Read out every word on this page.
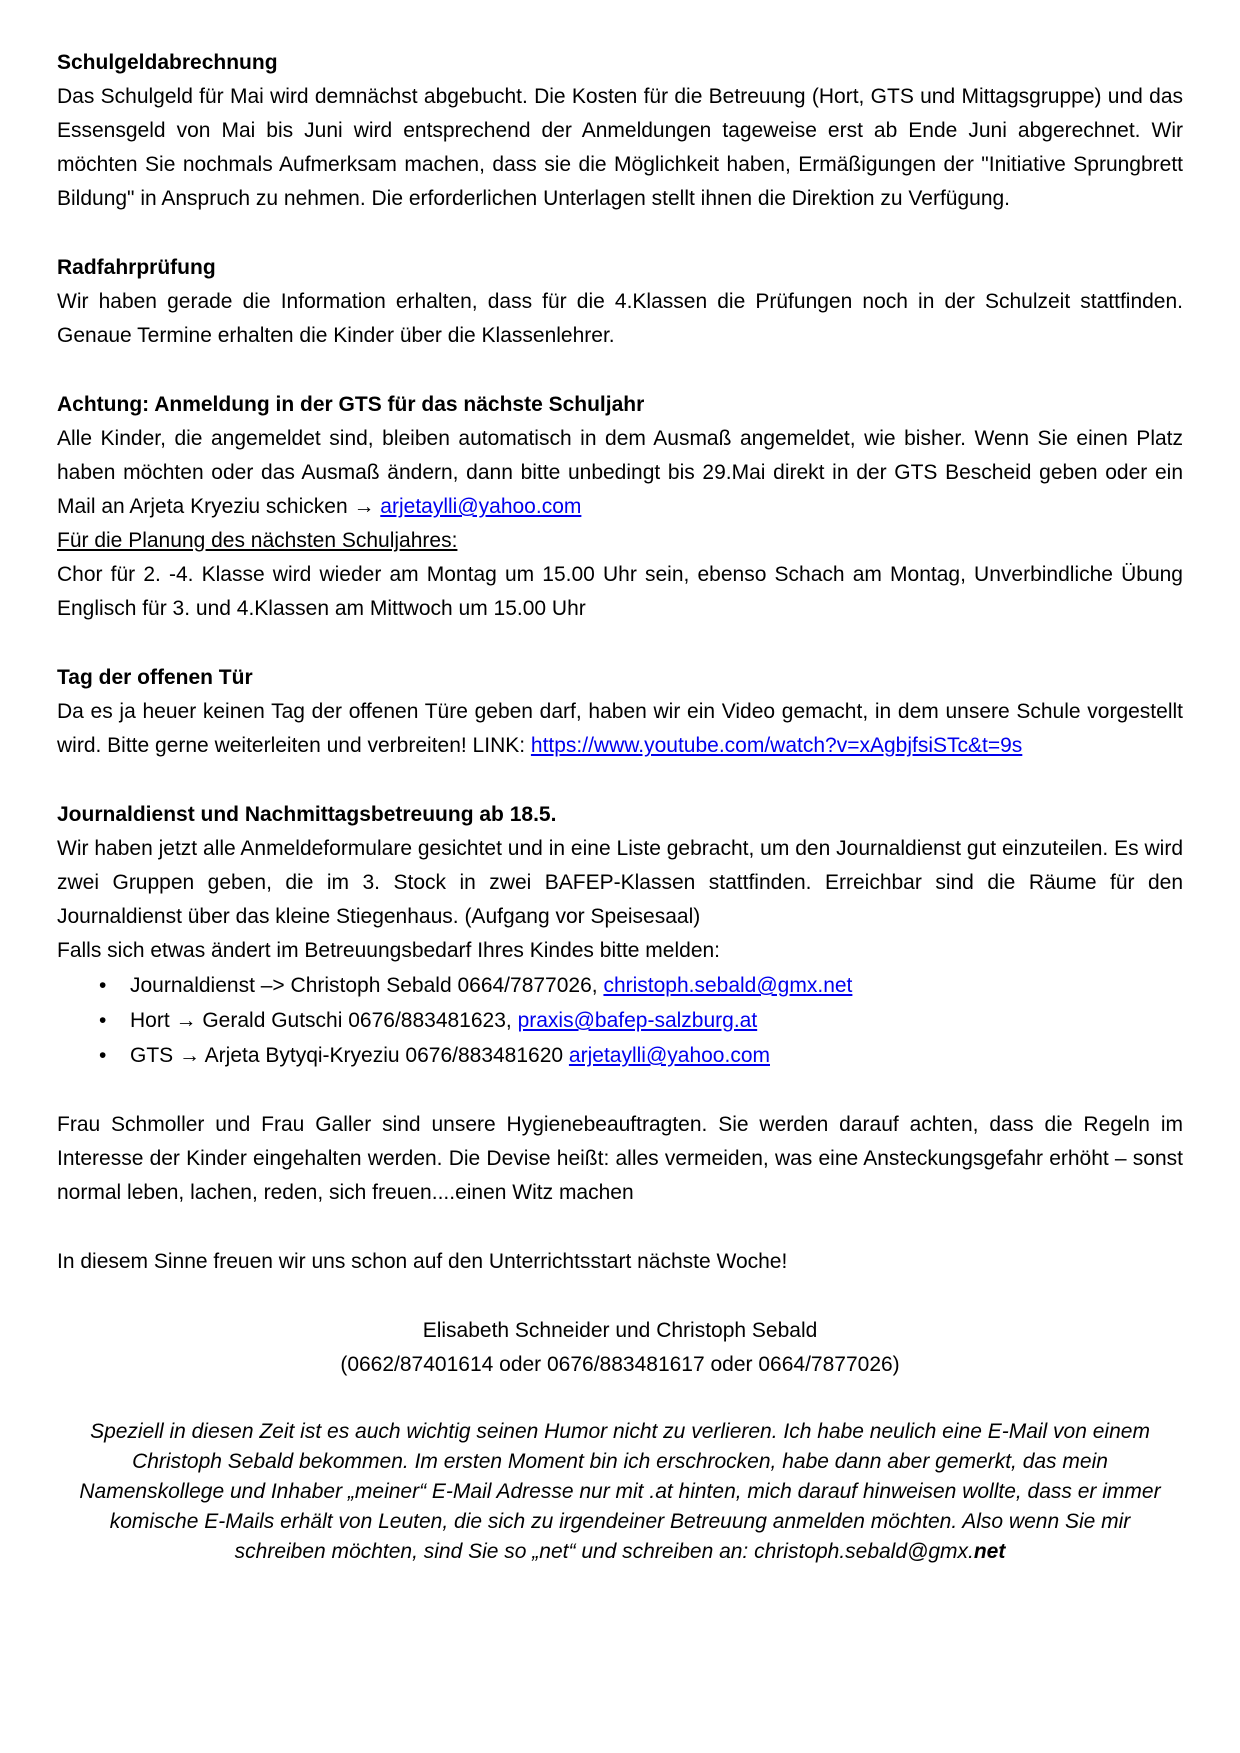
Schulgeldabrechnung

Das Schulgeld für Mai wird demnächst abgebucht. Die Kosten für die Betreuung (Hort, GTS und Mittagsgruppe) und das Essensgeld von Mai bis Juni wird entsprechend der Anmeldungen tageweise erst ab Ende Juni abgerechnet. Wir möchten Sie nochmals Aufmerksam machen, dass sie die Möglichkeit haben, Ermäßigungen der "Initiative Sprungbrett Bildung" in Anspruch zu nehmen. Die erforderlichen Unterlagen stellt ihnen die Direktion zu Verfügung.

Radfahrprüfung

Wir haben gerade die Information erhalten, dass für die 4.Klassen die Prüfungen noch in der Schulzeit stattfinden. Genaue Termine erhalten die Kinder über die Klassenlehrer.

Achtung: Anmeldung in der GTS für das nächste Schuljahr

Alle Kinder, die angemeldet sind, bleiben automatisch in dem Ausmaß angemeldet, wie bisher. Wenn Sie einen Platz haben möchten oder das Ausmaß ändern, dann bitte unbedingt bis 29.Mai direkt in der GTS Bescheid geben oder ein Mail an Arjeta Kryeziu schicken → arjetaylli@yahoo.com

Für die Planung des nächsten Schuljahres:

Chor für 2. -4. Klasse wird wieder am Montag um 15.00 Uhr sein, ebenso Schach am Montag, Unverbindliche Übung Englisch für 3. und 4.Klassen am Mittwoch um 15.00 Uhr

Tag der offenen Tür

Da es ja heuer keinen Tag der offenen Türe geben darf, haben wir ein Video gemacht, in dem unsere Schule vorgestellt wird. Bitte gerne weiterleiten und verbreiten! LINK: https://www.youtube.com/watch?v=xAgbjfsiSTc&t=9s

Journaldienst und Nachmittagsbetreuung ab 18.5.

Wir haben jetzt alle Anmeldeformulare gesichtet und in eine Liste gebracht, um den Journaldienst gut einzuteilen. Es wird zwei Gruppen geben, die im 3. Stock in zwei BAFEP-Klassen stattfinden. Erreichbar sind die Räume für den Journaldienst über das kleine Stiegenhaus. (Aufgang vor Speisesaal)

Falls sich etwas ändert im Betreuungsbedarf Ihres Kindes bitte melden:

• Journaldienst –> Christoph Sebald 0664/7877026, christoph.sebald@gmx.net
• Hort → Gerald Gutschi 0676/883481623, praxis@bafep-salzburg.at
• GTS → Arjeta Bytyqi-Kryeziu 0676/883481620 arjetaylli@yahoo.com

Frau Schmoller und Frau Galler sind unsere Hygienebeauftragten. Sie werden darauf achten, dass die Regeln im Interesse der Kinder eingehalten werden. Die Devise heißt: alles vermeiden, was eine Ansteckungsgefahr erhöht – sonst normal leben, lachen, reden, sich freuen....einen Witz machen

In diesem Sinne freuen wir uns schon auf den Unterrichtsstart nächste Woche!

Elisabeth Schneider und Christoph Sebald

(0662/87401614 oder 0676/883481617 oder 0664/7877026)

Speziell in diesen Zeit ist es auch wichtig seinen Humor nicht zu verlieren. Ich habe neulich eine E-Mail von einem Christoph Sebald bekommen. Im ersten Moment bin ich erschrocken, habe dann aber gemerkt, das mein Namenskollege und Inhaber „meiner“ E-Mail Adresse nur mit .at hinten, mich darauf hinweisen wollte, dass er immer komische E-Mails erhält von Leuten, die sich zu irgendeiner Betreuung anmelden möchten. Also wenn Sie mir schreiben möchten, sind Sie so „net“ und schreiben an: christoph.sebald@gmx.net
